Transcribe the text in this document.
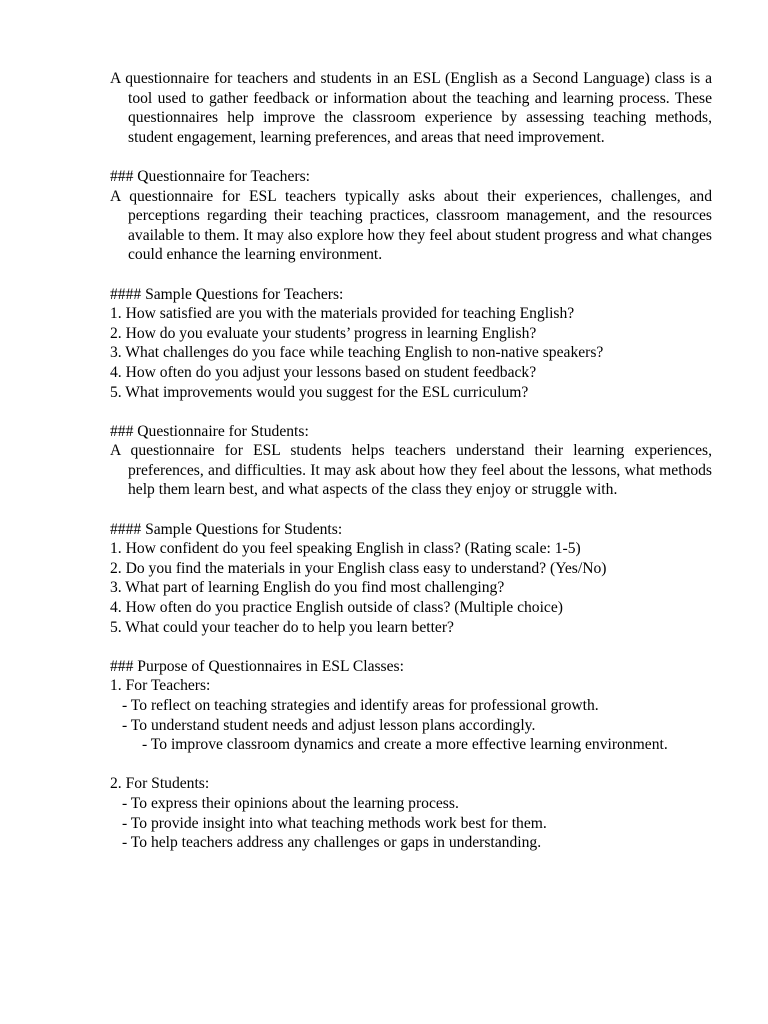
A questionnaire for teachers and students in an ESL (English as a Second Language) class is a tool used to gather feedback or information about the teaching and learning process. These questionnaires help improve the classroom experience by assessing teaching methods, student engagement, learning preferences, and areas that need improvement.

### Questionnaire for Teachers:

A questionnaire for ESL teachers typically asks about their experiences, challenges, and perceptions regarding their teaching practices, classroom management, and the resources available to them. It may also explore how they feel about student progress and what changes could enhance the learning environment.

#### Sample Questions for Teachers:

1. How satisfied are you with the materials provided for teaching English?

2. How do you evaluate your students’ progress in learning English?

3. What challenges do you face while teaching English to non-native speakers?

4. How often do you adjust your lessons based on student feedback?

5. What improvements would you suggest for the ESL curriculum?

### Questionnaire for Students:

A questionnaire for ESL students helps teachers understand their learning experiences, preferences, and difficulties. It may ask about how they feel about the lessons, what methods help them learn best, and what aspects of the class they enjoy or struggle with.

#### Sample Questions for Students:

1. How confident do you feel speaking English in class? (Rating scale: 1-5)

2. Do you find the materials in your English class easy to understand? (Yes/No)

3. What part of learning English do you find most challenging?

4. How often do you practice English outside of class? (Multiple choice)

5. What could your teacher do to help you learn better?

### Purpose of Questionnaires in ESL Classes:

1. For Teachers:

- To reflect on teaching strategies and identify areas for professional growth.

- To understand student needs and adjust lesson plans accordingly.

- To improve classroom dynamics and create a more effective learning environment.

2. For Students:

- To express their opinions about the learning process.

- To provide insight into what teaching methods work best for them.

- To help teachers address any challenges or gaps in understanding.
